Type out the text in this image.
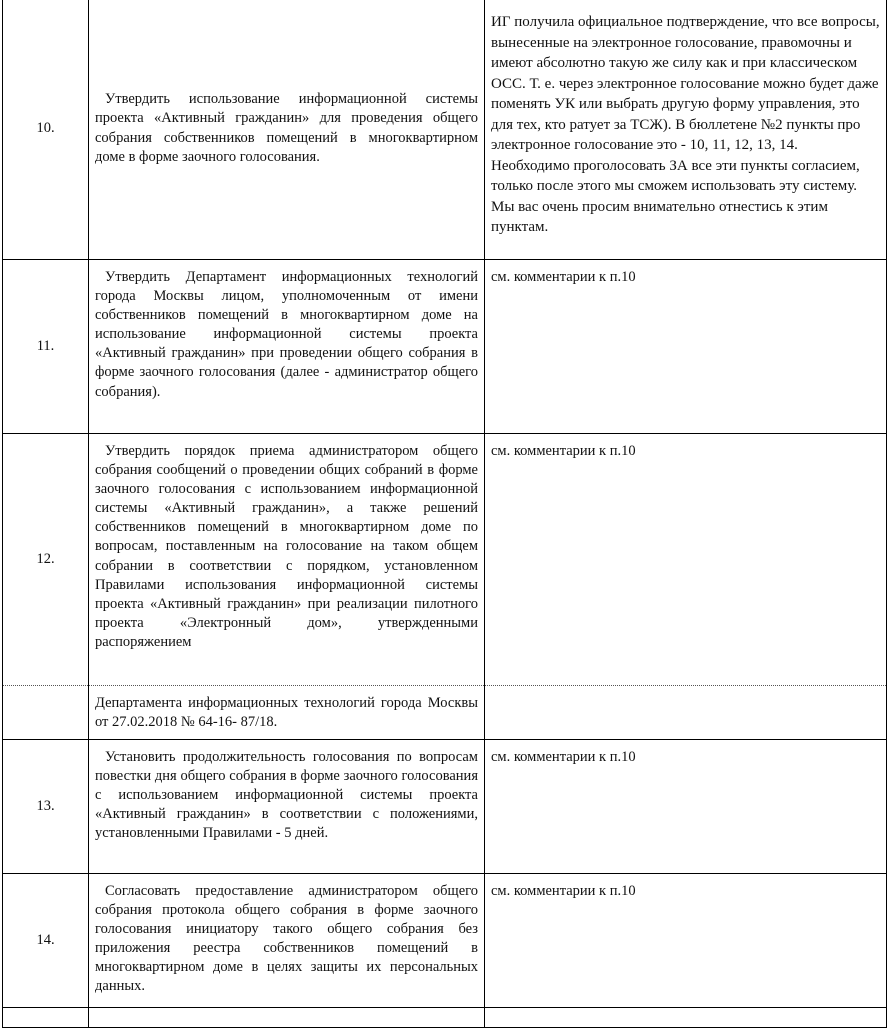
10.	Утвердить использование информационной системы проекта «Активный гражданин» для проведения общего собрания собственников помещений в многоквартирном доме в форме заочного голосования.	ИГ получила официальное подтверждение, что все вопросы, вынесенные на электронное голосование, правомочны и имеют абсолютно такую же силу как и при классическом ОСС. Т. е. через электронное голосование можно будет даже поменять УК или выбрать другую форму управления, это для тех, кто ратует за ТСЖ). В бюллетене №2 пункты про электронное голосование это - 10, 11, 12, 13, 14. Необходимо проголосовать ЗА все эти пункты согласием, только после этого мы сможем использовать эту систему. Мы вас очень просим внимательно отнестись к этим пунктам.
11.	Утвердить Департамент информационных технологий города Москвы лицом, уполномоченным от имени собственников помещений в многоквартирном доме на использование информационной системы проекта «Активный гражданин» при проведении общего собрания в форме заочного голосования (далее - администратор общего собрания).	см. комментарии к п.10
12.	Утвердить порядок приема администратором общего собрания сообщений о проведении общих собраний в форме заочного голосования с использованием информационной системы «Активный гражданин», а также решений собственников помещений в многоквартирном доме по вопросам, поставленным на голосование на таком общем собрании в соответствии с порядком, установленном Правилами использования информационной системы проекта «Активный гражданин» при реализации пилотного проекта «Электронный дом», утвержденными распоряжением	см. комментарии к п.10
	Департамента информационных технологий города Москвы от 27.02.2018 № 64-16- 87/18.	
13.	Установить продолжительность голосования по вопросам повестки дня общего собрания в форме заочного голосования с использованием информационной системы проекта «Активный гражданин» в соответствии с положениями, установленными Правилами - 5 дней.	см. комментарии к п.10
14.	Согласовать предоставление администратором общего собрания протокола общего собрания в форме заочного голосования инициатору такого общего собрания без приложения реестра собственников помещений в многоквартирном доме в целях защиты их персональных данных.	см. комментарии к п.10
